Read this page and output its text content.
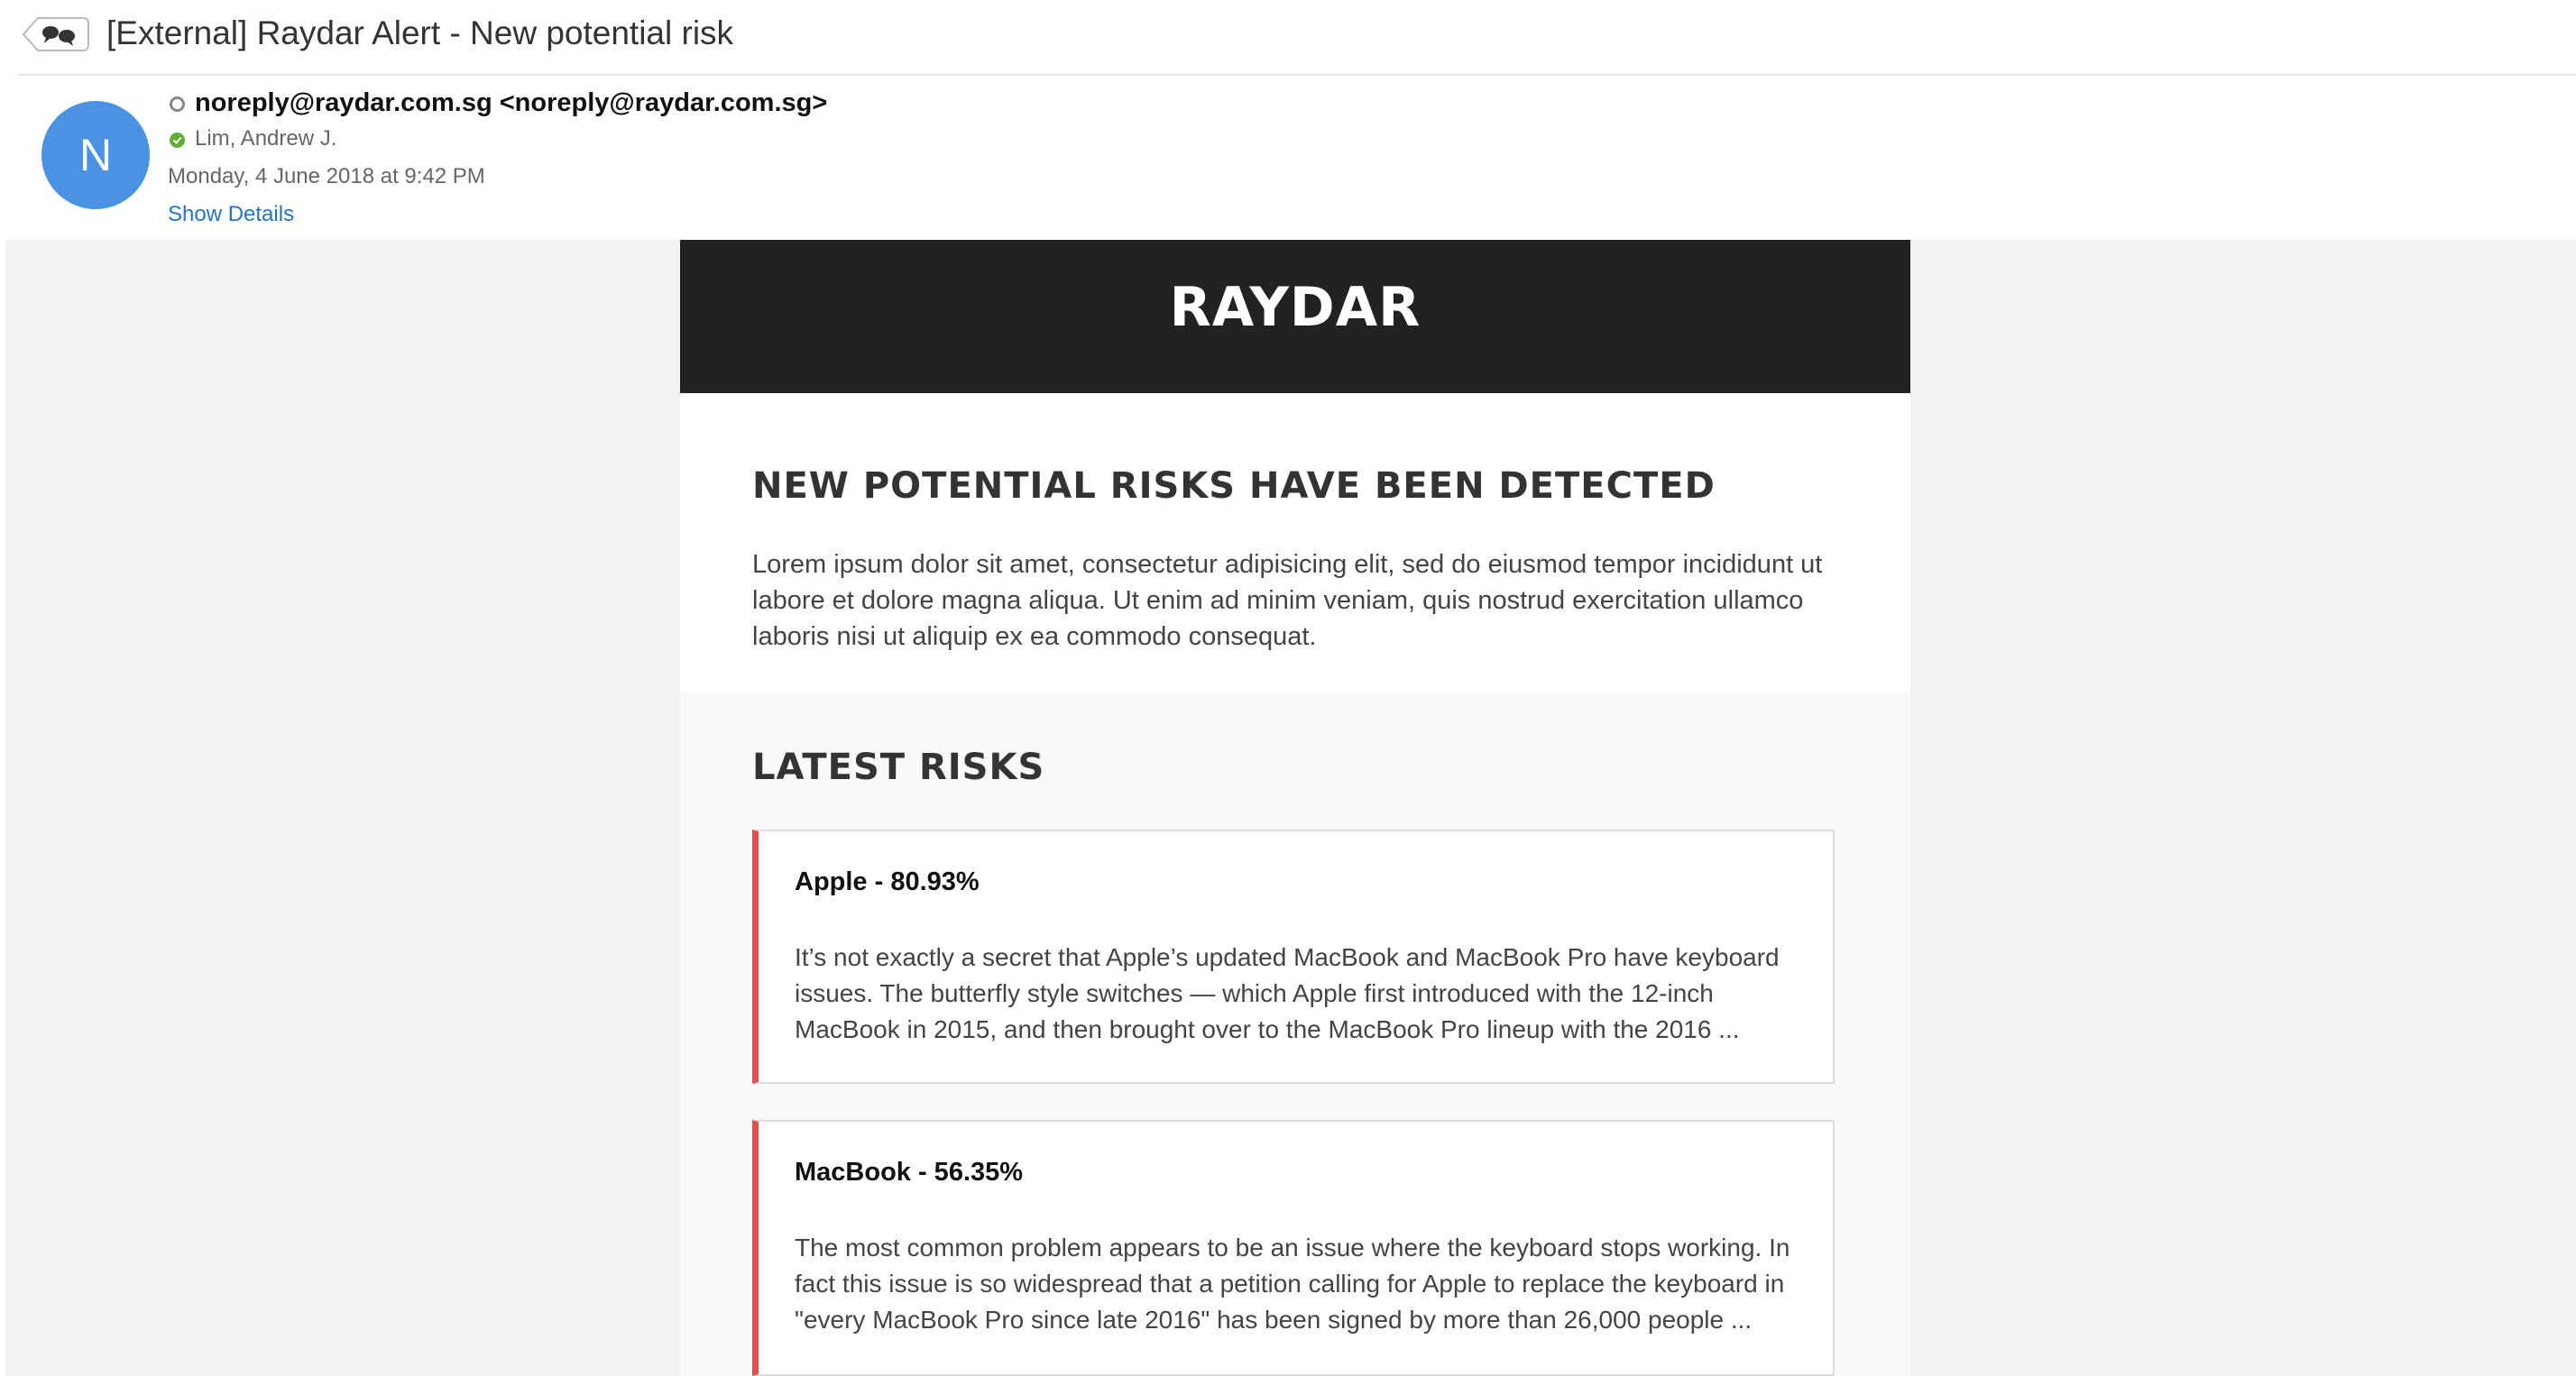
[External] Raydar Alert - New potential risk
N
noreply@raydar.com.sg <noreply@raydar.com.sg>
Lim, Andrew J.
Monday, 4 June 2018 at 9:42 PM
Show Details
RAYDAR
NEW POTENTIAL RISKS HAVE BEEN DETECTED
Lorem ipsum dolor sit amet, consectetur adipisicing elit, sed do eiusmod tempor incididunt ut labore et dolore magna aliqua. Ut enim ad minim veniam, quis nostrud exercitation ullamco laboris nisi ut aliquip ex ea commodo consequat.
LATEST RISKS
Apple - 80.93%
It’s not exactly a secret that Apple’s updated MacBook and MacBook Pro have keyboard issues. The butterfly style switches — which Apple first introduced with the 12-inch MacBook in 2015, and then brought over to the MacBook Pro lineup with the 2016 ...
MacBook - 56.35%
The most common problem appears to be an issue where the keyboard stops working. In fact this issue is so widespread that a petition calling for Apple to replace the keyboard in "every MacBook Pro since late 2016" has been signed by more than 26,000 people ...
